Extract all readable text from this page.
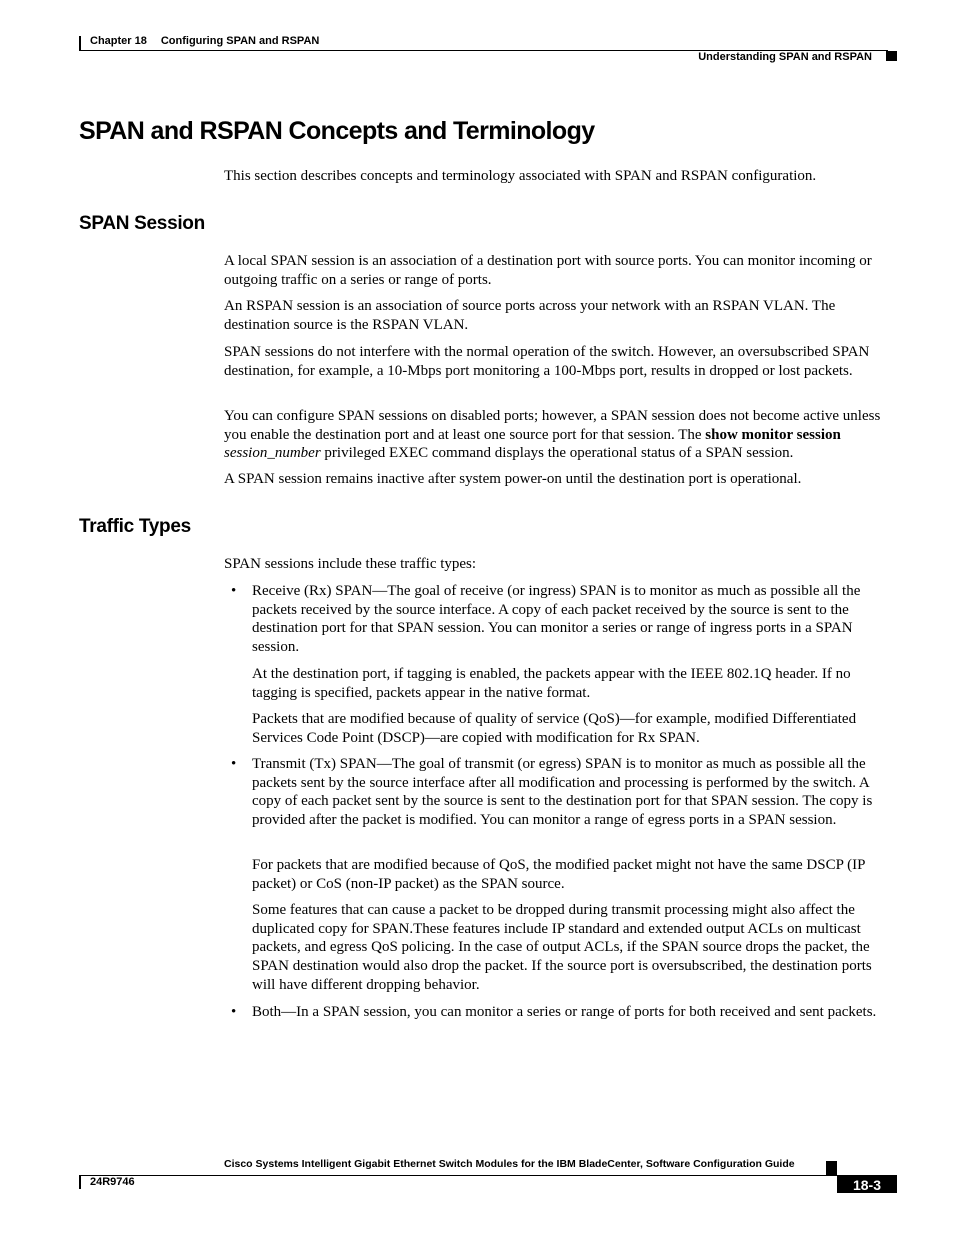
Chapter 18 Configuring SPAN and RSPAN
Understanding SPAN and RSPAN
SPAN and RSPAN Concepts and Terminology

This section describes concepts and terminology associated with SPAN and RSPAN configuration.

SPAN Session

A local SPAN session is an association of a destination port with source ports. You can monitor incoming or outgoing traffic on a series or range of ports.

An RSPAN session is an association of source ports across your network with an RSPAN VLAN. The destination source is the RSPAN VLAN.

SPAN sessions do not interfere with the normal operation of the switch. However, an oversubscribed SPAN destination, for example, a 10-Mbps port monitoring a 100-Mbps port, results in dropped or lost packets.

You can configure SPAN sessions on disabled ports; however, a SPAN session does not become active unless you enable the destination port and at least one source port for that session. The show monitor session session_number privileged EXEC command displays the operational status of a SPAN session.

A SPAN session remains inactive after system power-on until the destination port is operational.

Traffic Types

SPAN sessions include these traffic types:

• Receive (Rx) SPAN—The goal of receive (or ingress) SPAN is to monitor as much as possible all the packets received by the source interface. A copy of each packet received by the source is sent to the destination port for that SPAN session. You can monitor a series or range of ingress ports in a SPAN session.

At the destination port, if tagging is enabled, the packets appear with the IEEE 802.1Q header. If no tagging is specified, packets appear in the native format.

Packets that are modified because of quality of service (QoS)—for example, modified Differentiated Services Code Point (DSCP)—are copied with modification for Rx SPAN.

• Transmit (Tx) SPAN—The goal of transmit (or egress) SPAN is to monitor as much as possible all the packets sent by the source interface after all modification and processing is performed by the switch. A copy of each packet sent by the source is sent to the destination port for that SPAN session. The copy is provided after the packet is modified. You can monitor a range of egress ports in a SPAN session.

For packets that are modified because of QoS, the modified packet might not have the same DSCP (IP packet) or CoS (non-IP packet) as the SPAN source.

Some features that can cause a packet to be dropped during transmit processing might also affect the duplicated copy for SPAN.These features include IP standard and extended output ACLs on multicast packets, and egress QoS policing. In the case of output ACLs, if the SPAN source drops the packet, the SPAN destination would also drop the packet. If the source port is oversubscribed, the destination ports will have different dropping behavior.

• Both—In a SPAN session, you can monitor a series or range of ports for both received and sent packets.
Cisco Systems Intelligent Gigabit Ethernet Switch Modules for the IBM BladeCenter, Software Configuration Guide
24R9746	18-3
